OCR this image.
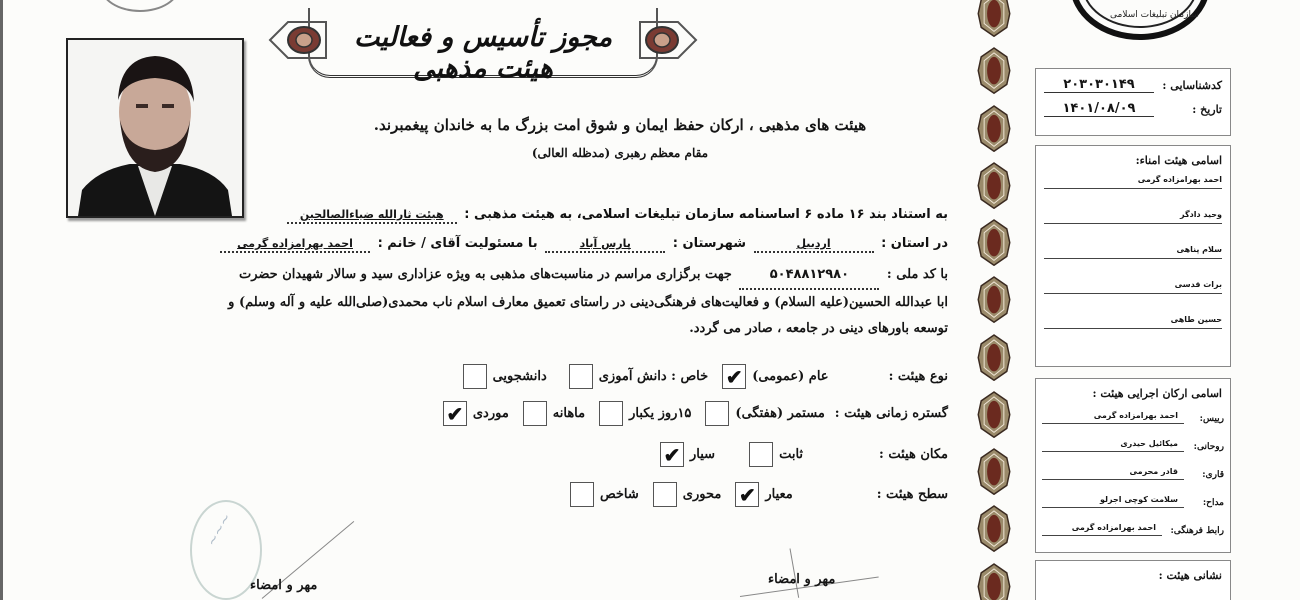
سازمان تبلیغات اسلامی
مجوز تأسیس و فعالیت هیئت مذهبی
هیئت های مذهبی ، ارکان حفظ ایمان و شوق امت بزرگ ما به خاندان پیغمبرند.
مقام معظم رهبری (مدظله العالی)
به استناد بند ۱۶ ماده ۶ اساسنامه سازمان تبلیغات اسلامی، به هیئت مذهبی : هیئت ثارالله ضیاءالصالحین
در استان : اردبیل شهرستان : پارس آباد با مسئولیت آقای / خانم : احمد بهرامزاده گرمی
با کد ملی : ۵۰۴۸۸۱۲۹۸۰ جهت برگزاری مراسم در مناسبت‌های مذهبی به ویژه عزاداری سید و سالار شهیدان حضرت
ابا عبدالله الحسین(علیه السلام) و فعالیت‌های فرهنگی‌دینی در راستای تعمیق معارف اسلام ناب محمدی(صلی‌الله علیه و آله وسلم) و
توسعه باورهای دینی در جامعه ، صادر می گردد.
نوع هیئت :
عام (عمومی)
✔
خاص : دانش آموزی
دانشجویی
گستره زمانی هیئت :
مستمر (هفتگی)
۱۵روز یکبار
ماهانه
موردی
✔
مکان هیئت :
ثابت
سیار
✔
سطح هیئت :
معیار
✔
محوری
شاخص
~~~
مهر و امضاء	مهر و امضاء
کدشناسایی :
۲۰۳۰۳۰۱۴۹
تاریخ :
۱۴۰۱/۰۸/۰۹
اسامی هیئت امناء:
احمد بهرامزاده گرمی
وحید دادگر
سلام پناهی
برات قدسی
حسین طاهی
اسامی ارکان اجرایی هیئت :
رییس:
احمد بهرامزاده گرمی
روحانی:
میکائیل حیدری
قاری:
قادر محرمی
مداح:
سلامت کوچی اجرلو
رابط فرهنگی:
احمد بهرامزاده گرمی
نشانی هیئت :
